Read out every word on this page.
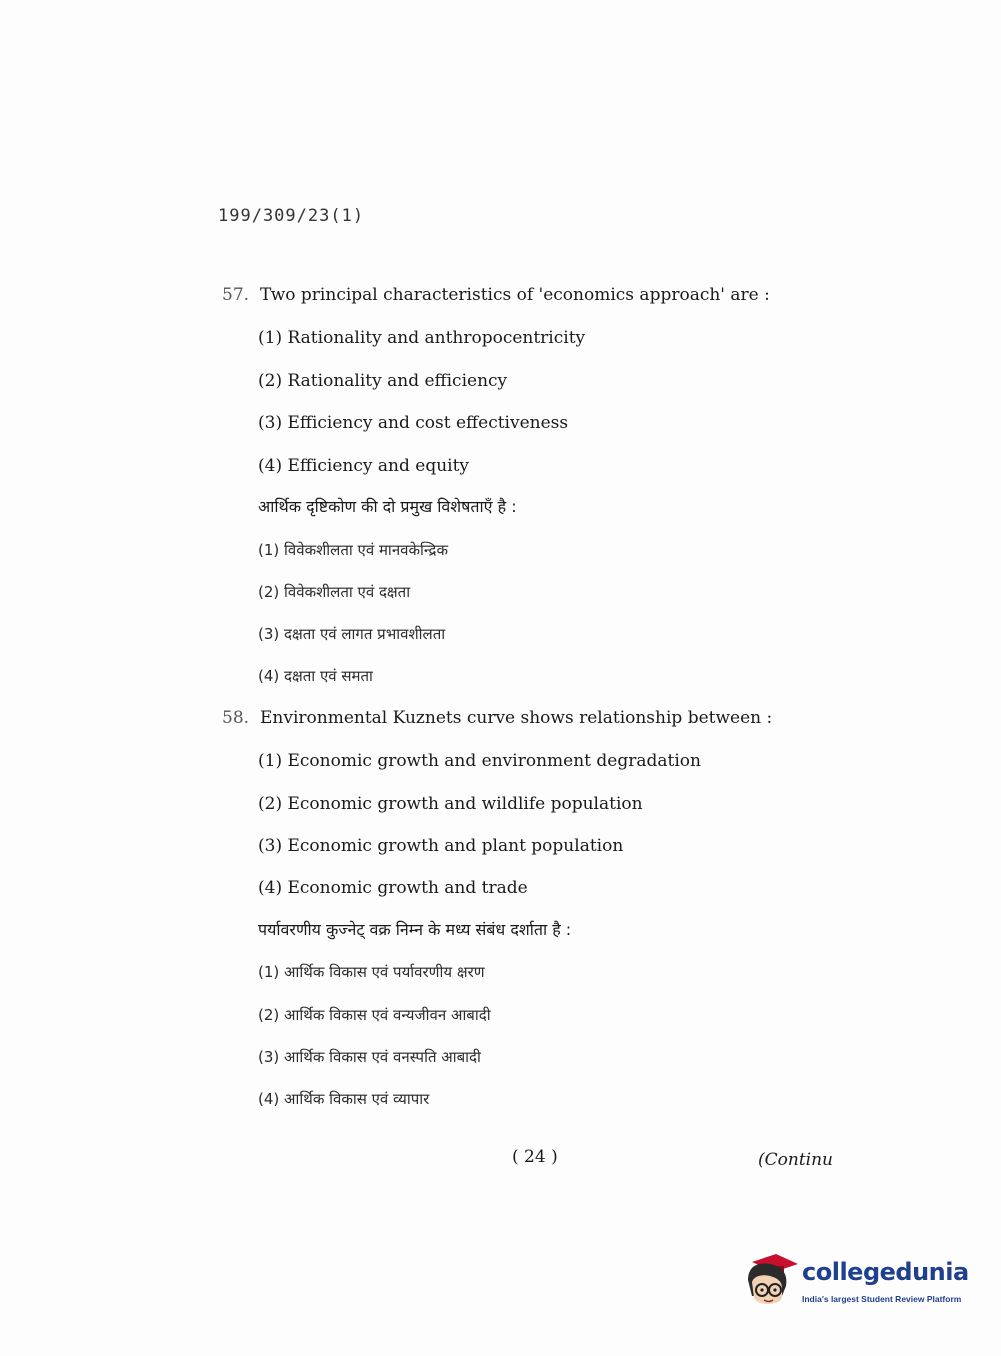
199/309/23(1)
57. Two principal characteristics of 'economics approach' are :
(1) Rationality and anthropocentricity
(2) Rationality and efficiency
(3) Efficiency and cost effectiveness
(4) Efficiency and equity
आर्थिक दृष्टिकोण की दो प्रमुख विशेषताएँ है :
(1) विवेकशीलता एवं मानवकेन्द्रिक
(2) विवेकशीलता एवं दक्षता
(3) दक्षता एवं लागत प्रभावशीलता
(4) दक्षता एवं समता
58. Environmental Kuznets curve shows relationship between :
(1) Economic growth and environment degradation
(2) Economic growth and wildlife population
(3) Economic growth and plant population
(4) Economic growth and trade
पर्यावरणीय कुज्नेट् वक्र निम्न के मध्य संबंध दर्शाता है :
(1) आर्थिक विकास एवं पर्यावरणीय क्षरण
(2) आर्थिक विकास एवं वन्यजीवन आबादी
(3) आर्थिक विकास एवं वनस्पति आबादी
(4) आर्थिक विकास एवं व्यापार
( 24 )	(Continu
collegedunia
India's largest Student Review Platform
